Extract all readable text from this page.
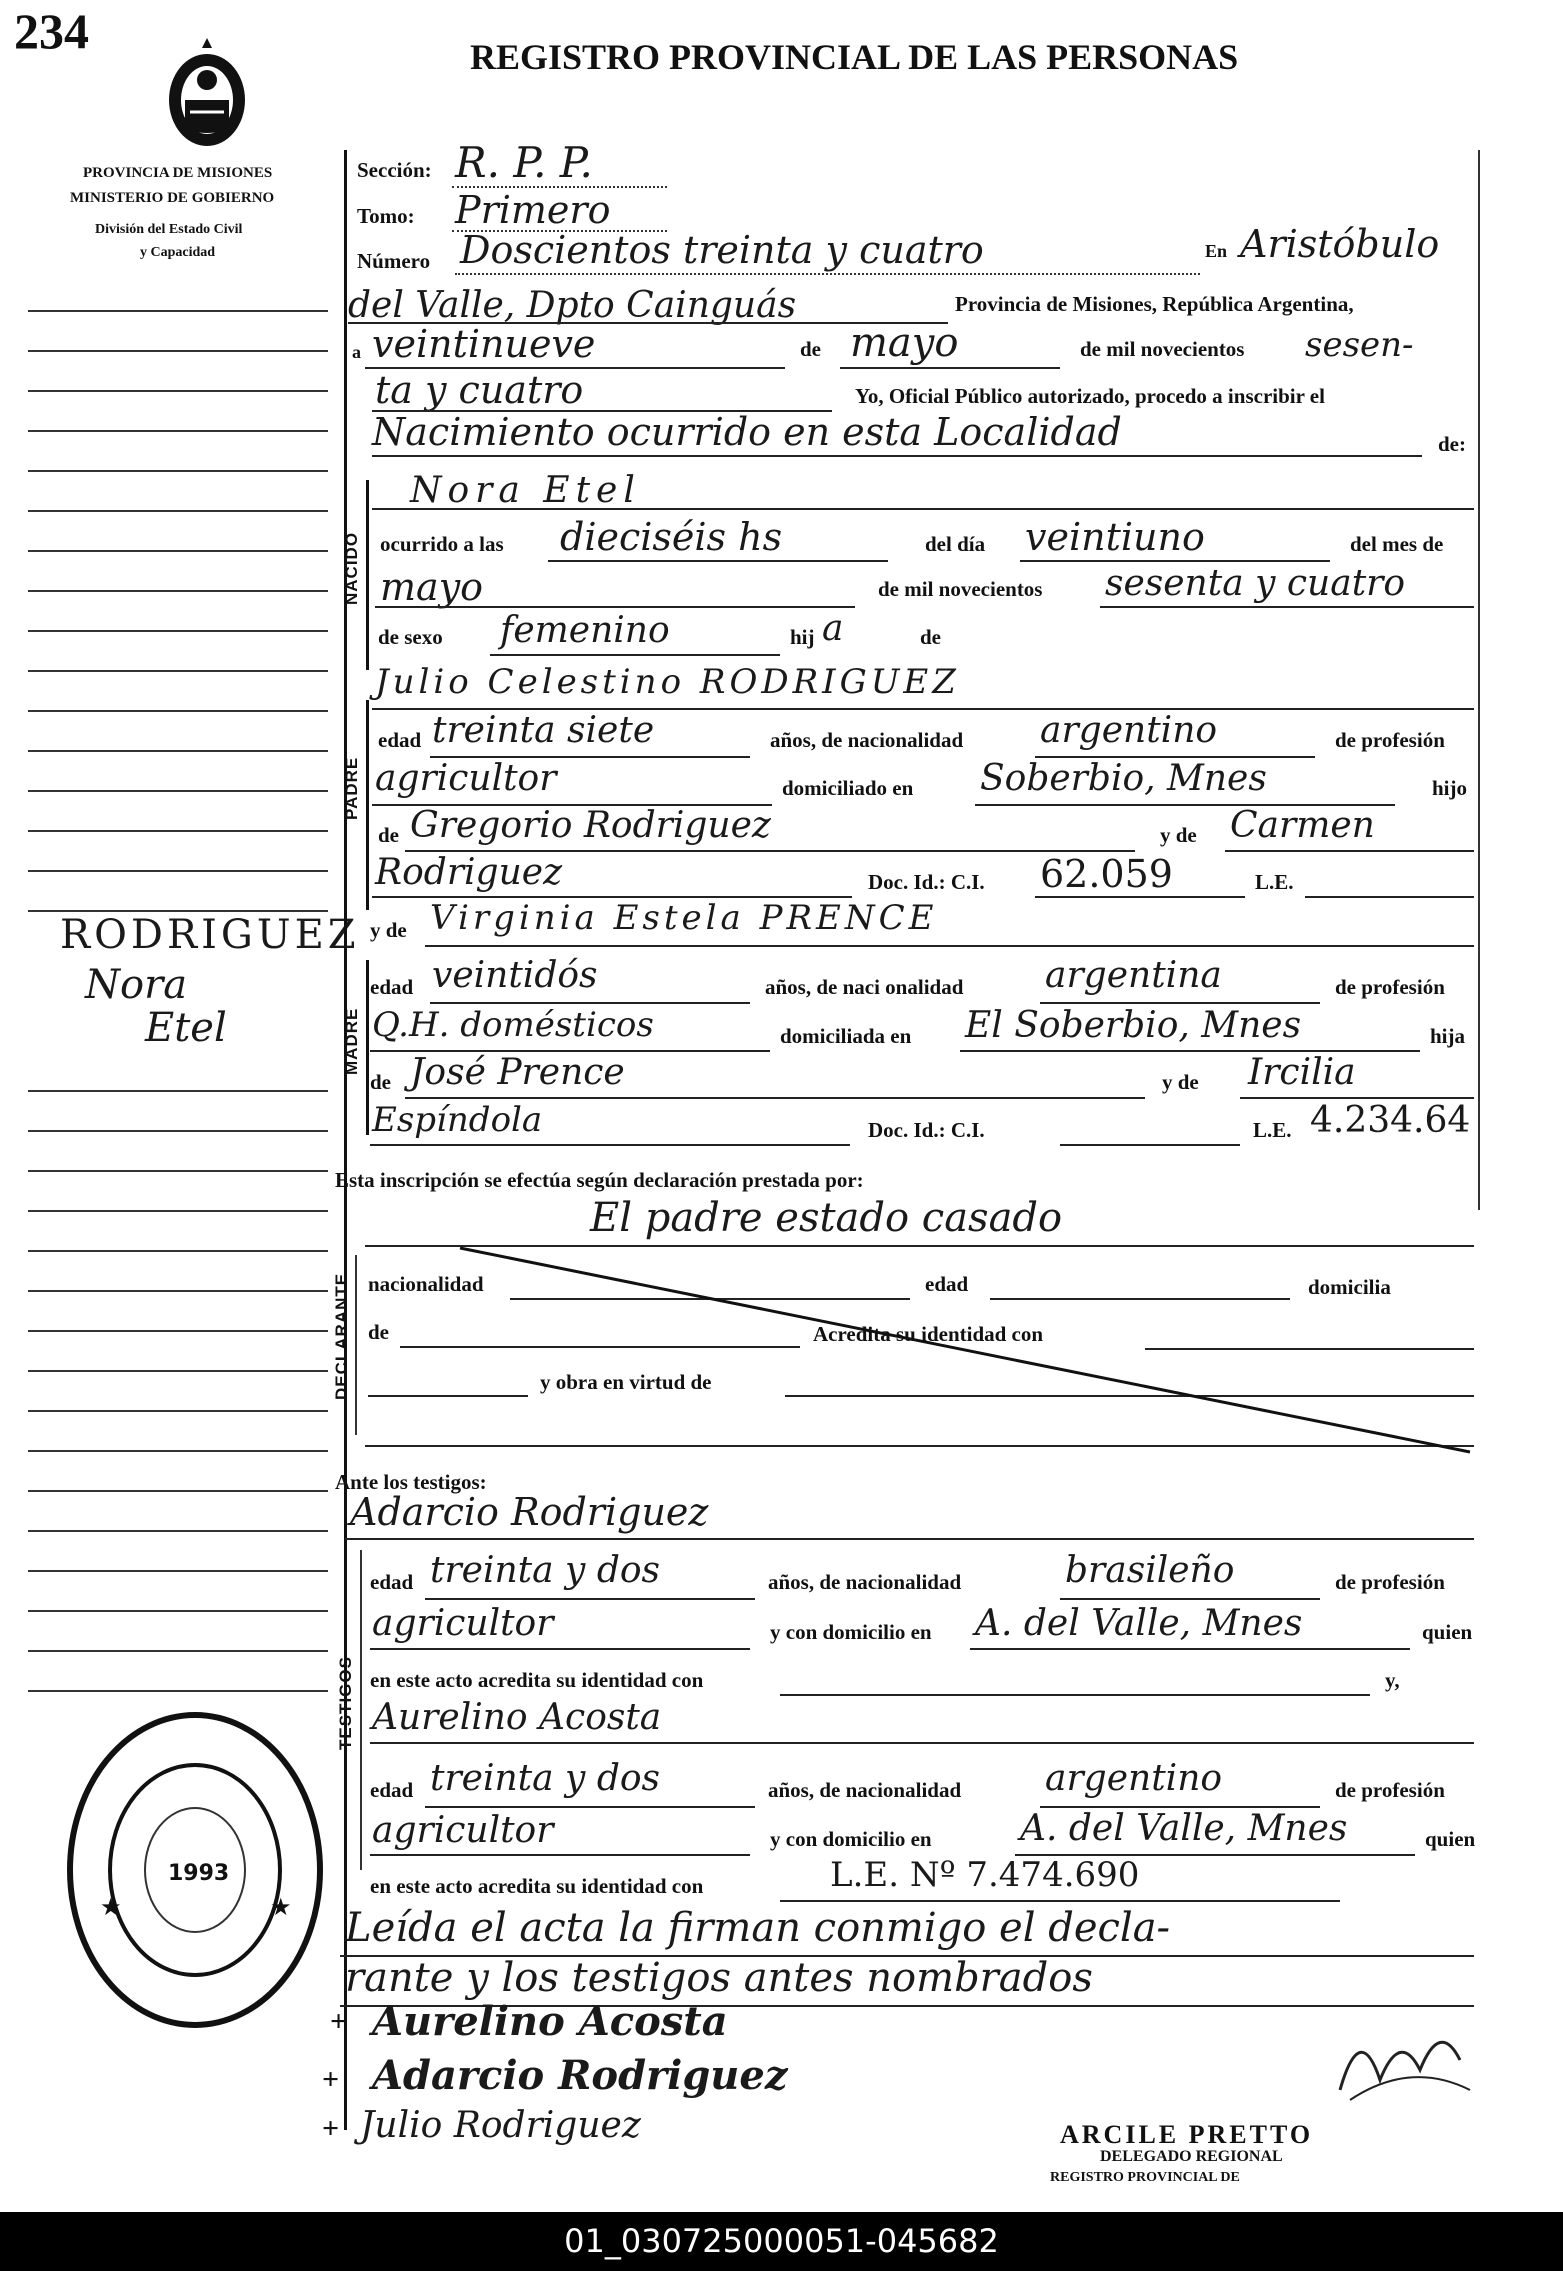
234
PROVINCIA DE MISIONES
MINISTERIO DE GOBIERNO
División del Estado Civil
y Capacidad
REGISTRO PROVINCIAL DE LAS PERSONAS
RODRIGUEZ
Nora
Etel
Sección: R. P. P.
Tomo: Primero
Número Doscientos treinta y cuatro	En Aristóbulo
del Valle, Dpto Cainguás	Provincia de Misiones, República Argentina,
a veintinueve	de mayo	de mil novecientos sesen-
ta y cuatro	Yo, Oficial Público autorizado, procedo a inscribir el
Nacimiento ocurrido en esta Localidad	de:
NACIDO
Nora Etel
ocurrido a las dieciséis hs	del día veintiuno	del mes de
mayo	de mil novecientos sesenta y cuatro
de sexo femenino	hij a	de
PADRE
Julio Celestino RODRIGUEZ
edad treinta siete	años, de nacionalidad argentino	de profesión
agricultor	domiciliado en Soberbio, Mnes	hijo
de Gregorio Rodriguez	y de Carmen
Rodriguez	Doc. Id.: C.I. 62.059	L.E.
MADRE
y de Virginia Estela PRENCE
edad veintidós	años, de naci onalidad argentina	de profesión
Q.H. domésticos	domiciliada en El Soberbio, Mnes	hija
de José Prence	y de Ircilia
Espíndola	Doc. Id.: C.I.	L.E. 4.234.64
Esta inscripción se efectúa según declaración prestada por:
El padre estado casado
DECLARANTE nacionalidad	edad	domicilia
de	Acredita su identidad con
y obra en virtud de
Ante los testigos:
Adarcio Rodriguez
TESTIGOS
edad treinta y dos	años, de nacionalidad	brasileño	de profesión
agricultor	y con domicilio en A. del Valle, Mnes	quien
en este acto acredita su identidad con	y,
Aurelino Acosta
edad treinta y dos	años, de nacionalidad argentino	de profesión
agricultor	y con domicilio en A. del Valle, Mnes	quien
en este acto acredita su identidad con	L.E. Nº 7.474.690
Leída el acta la firman conmigo el decla-
rante y los testigos antes nombrados
+ Aurelino Acosta
+ Adarcio Rodriguez
+ Julio Rodriguez	ARCILE PRETTO
DELEGADO REGIONAL
REGISTRO PROVINCIAL DE
1993
★	★
01_030725000051-045682
